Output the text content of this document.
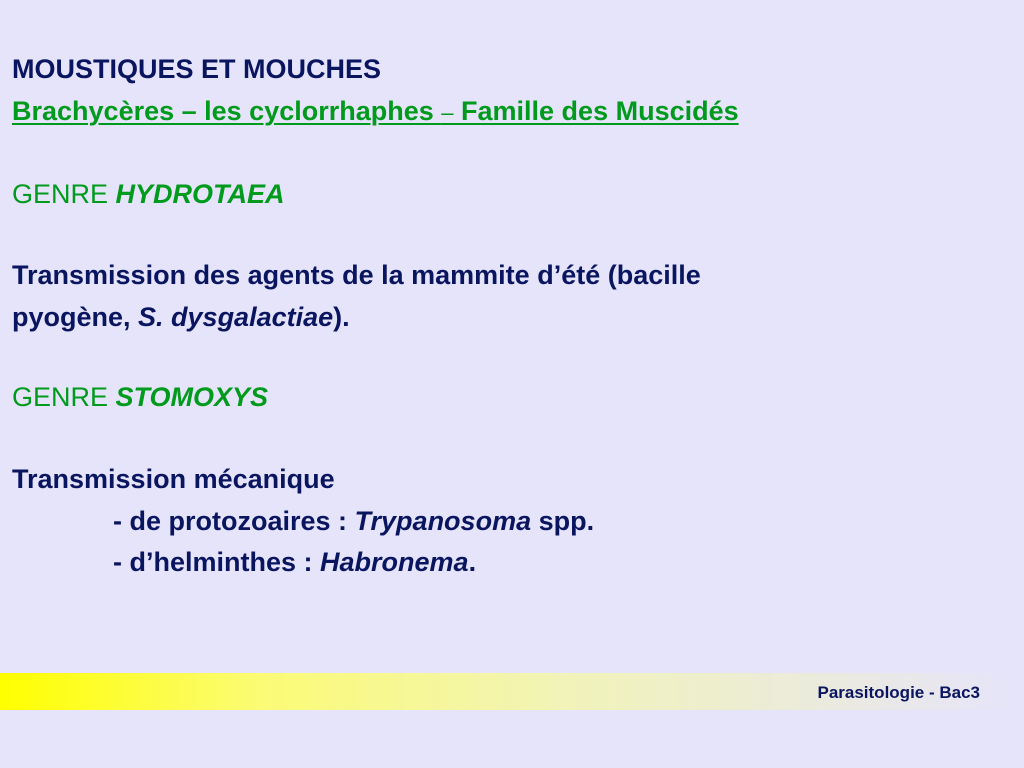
MOUSTIQUES ET MOUCHES
Brachycères – les cyclorrhaphes – Famille des Muscidés
GENRE HYDROTAEA
Transmission des agents de la mammite d’été (bacille
pyogène, S. dysgalactiae).
GENRE STOMOXYS
Transmission mécanique
- de protozoaires : Trypanosoma spp.
- d’helminthes : Habronema.
Parasitologie - Bac3
